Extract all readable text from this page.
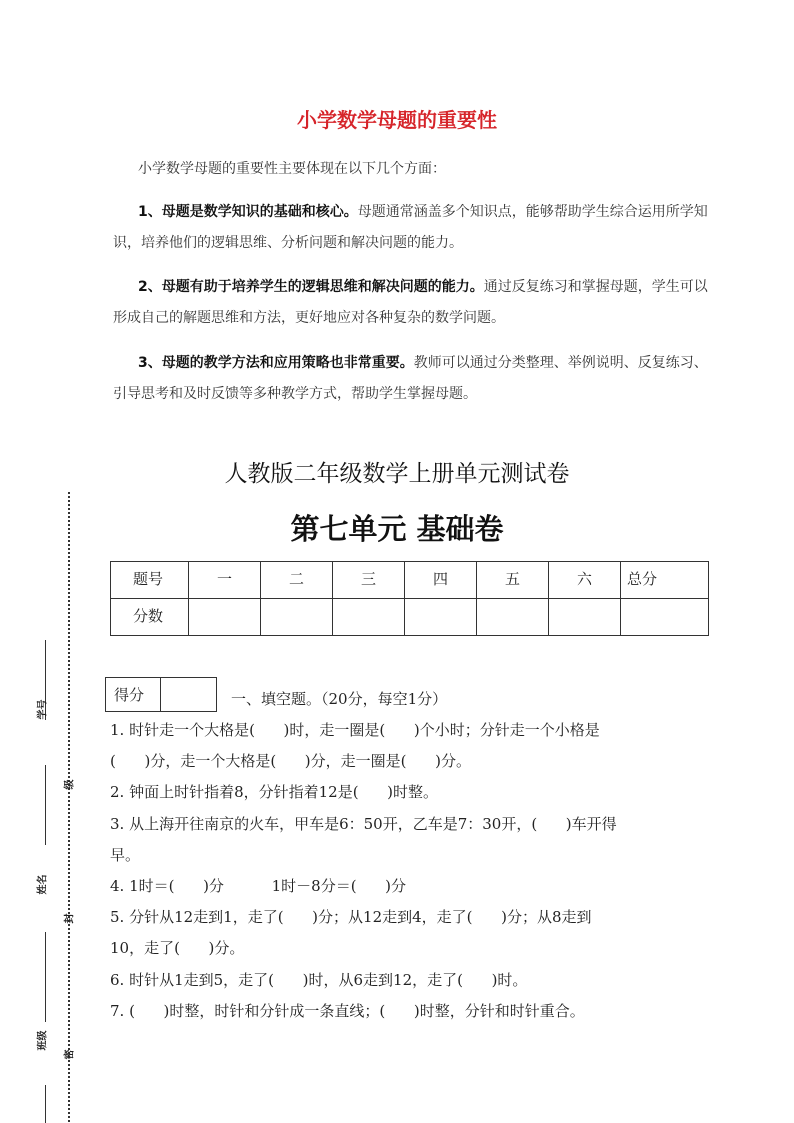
小学数学母题的重要性
小学数学母题的重要性主要体现在以下几个方面：
1、母题是数学知识的基础和核心。母题通常涵盖多个知识点，能够帮助学生综合运用所学知
识，培养他们的逻辑思维、分析问题和解决问题的能力。
2、母题有助于培养学生的逻辑思维和解决问题的能力。通过反复练习和掌握母题，学生可以
形成自己的解题思维和方法，更好地应对各种复杂的数学问题。
3、母题的教学方法和应用策略也非常重要。教师可以通过分类整理、举例说明、反复练习、
引导思考和及时反馈等多种教学方式，帮助学生掌握母题。
人教版二年级数学上册单元测试卷
第七单元 基础卷
题号	一	二	三	四	五	六	总分

分数							

得分	一、填空题。（20分，每空1分）
1. 时针走一个大格是(      )时，走一圈是(      )个小时；分针走一个小格是
(      )分，走一个大格是(      )分，走一圈是(      )分。
2. 钟面上时针指着8，分针指着12是(      )时整。
3. 从上海开往南京的火车，甲车是6：50开，乙车是7：30开，(      )车开得
早。
4. 1时＝(      )分          1时－8分＝(      )分
5. 分针从12走到1，走了(      )分；从12走到4，走了(      )分；从8走到
10，走了(      )分。
6. 时针从1走到5，走了(      )时，从6走到12，走了(      )时。
7. (      )时整，时针和分针成一条直线；(      )时整，分针和时针重合。
学号
级
姓名
封
班级
密
